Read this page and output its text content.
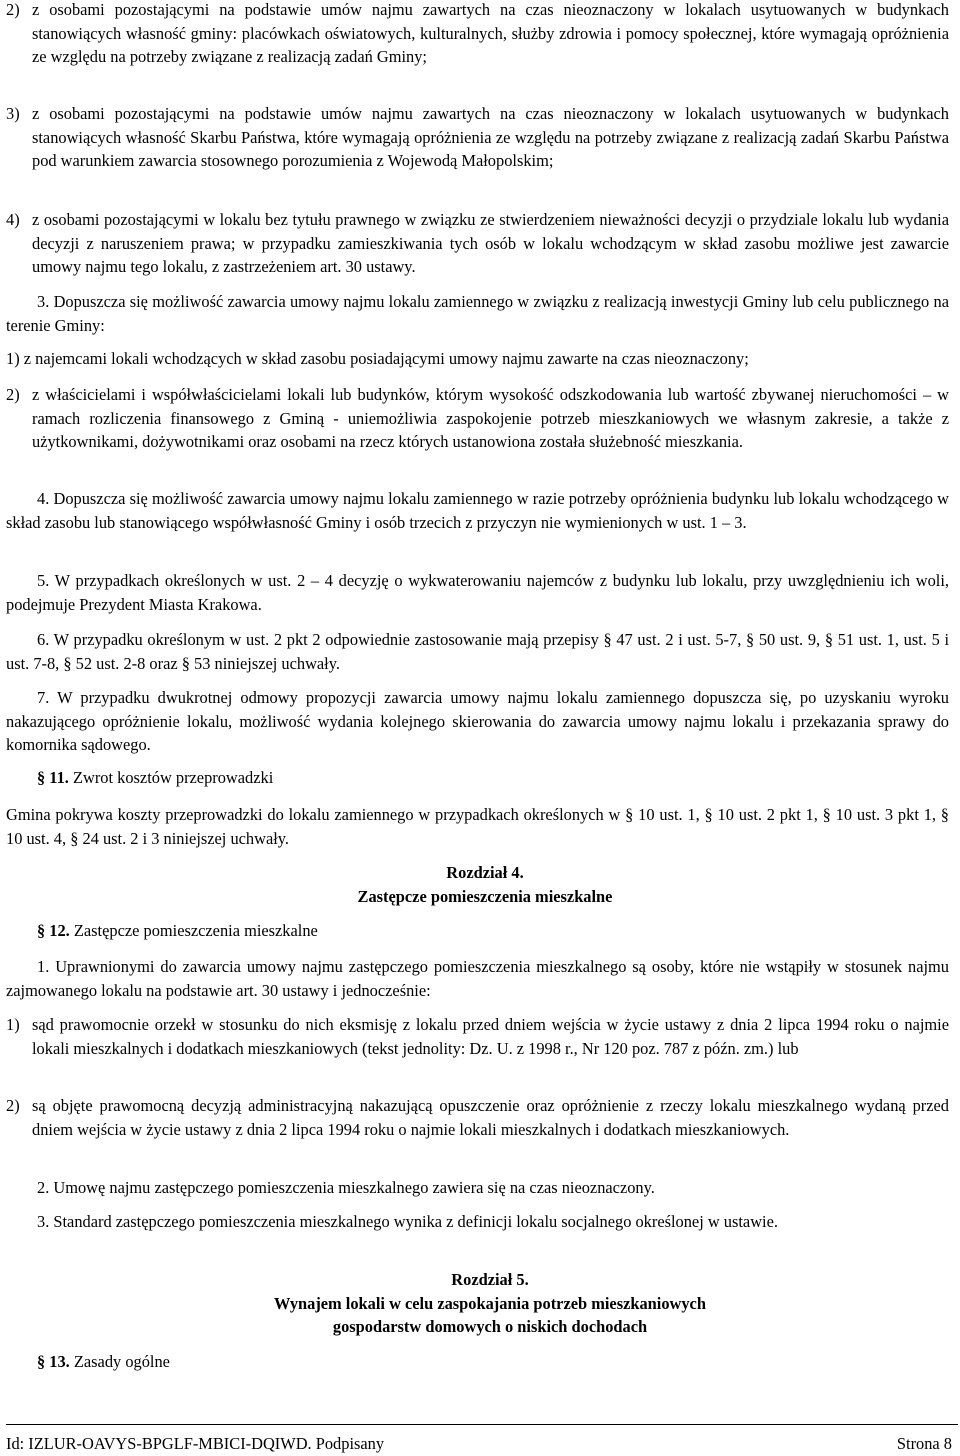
2) z osobami pozostającymi na podstawie umów najmu zawartych na czas nieoznaczony w lokalach usytuowanych w budynkach stanowiących własność gminy: placówkach oświatowych, kulturalnych, służby zdrowia i pomocy społecznej, które wymagają opróżnienia ze względu na potrzeby związane z realizacją zadań Gminy;
3) z osobami pozostającymi na podstawie umów najmu zawartych na czas nieoznaczony w lokalach usytuowanych w budynkach stanowiących własność Skarbu Państwa, które wymagają opróżnienia ze względu na potrzeby związane z realizacją zadań Skarbu Państwa pod warunkiem zawarcia stosownego porozumienia z Wojewodą Małopolskim;
4) z osobami pozostającymi w lokalu bez tytułu prawnego w związku ze stwierdzeniem nieważności decyzji o przydziale lokalu lub wydania decyzji z naruszeniem prawa; w przypadku zamieszkiwania tych osób w lokalu wchodzącym w skład zasobu możliwe jest zawarcie umowy najmu tego lokalu, z zastrzeżeniem art. 30 ustawy.
3. Dopuszcza się możliwość zawarcia umowy najmu lokalu zamiennego w związku z realizacją inwestycji Gminy lub celu publicznego na terenie Gminy:
1) z najemcami lokali wchodzących w skład zasobu posiadającymi umowy najmu zawarte na czas nieoznaczony;
2) z właścicielami i współwłaścicielami lokali lub budynków, którym wysokość odszkodowania lub wartość zbywanej nieruchomości – w ramach rozliczenia finansowego z Gminą - uniemożliwia zaspokojenie potrzeb mieszkaniowych we własnym zakresie, a także z użytkownikami, dożywotnikami oraz osobami na rzecz których ustanowiona została służebność mieszkania.
4. Dopuszcza się możliwość zawarcia umowy najmu lokalu zamiennego w razie potrzeby opróżnienia budynku lub lokalu wchodzącego w skład zasobu lub stanowiącego współwłasność Gminy i osób trzecich z przyczyn nie wymienionych w ust. 1 – 3.
5. W przypadkach określonych w ust. 2 – 4 decyzję o wykwaterowaniu najemców z budynku lub lokalu, przy uwzględnieniu ich woli, podejmuje Prezydent Miasta Krakowa.
6. W przypadku określonym w ust. 2 pkt 2 odpowiednie zastosowanie mają przepisy § 47 ust. 2 i ust. 5-7, § 50 ust. 9, § 51 ust. 1, ust. 5 i ust. 7-8, § 52 ust. 2-8 oraz § 53 niniejszej uchwały.
7. W przypadku dwukrotnej odmowy propozycji zawarcia umowy najmu lokalu zamiennego dopuszcza się, po uzyskaniu wyroku nakazującego opróżnienie lokalu, możliwość wydania kolejnego skierowania do zawarcia umowy najmu lokalu i przekazania sprawy do komornika sądowego.
§ 11. Zwrot kosztów przeprowadzki
Gmina pokrywa koszty przeprowadzki do lokalu zamiennego w przypadkach określonych w § 10 ust. 1, § 10 ust. 2 pkt 1, § 10 ust. 3 pkt 1, § 10 ust. 4, § 24 ust. 2 i 3 niniejszej uchwały.
Rozdział 4.
Zastępcze pomieszczenia mieszkalne
§ 12. Zastępcze pomieszczenia mieszkalne
1. Uprawnionymi do zawarcia umowy najmu zastępczego pomieszczenia mieszkalnego są osoby, które nie wstąpiły w stosunek najmu zajmowanego lokalu na podstawie art. 30 ustawy i jednocześnie:
1) sąd prawomocnie orzekł w stosunku do nich eksmisję z lokalu przed dniem wejścia w życie ustawy z dnia 2 lipca 1994 roku o najmie lokali mieszkalnych i dodatkach mieszkaniowych (tekst jednolity: Dz. U. z 1998 r., Nr 120 poz. 787 z późn. zm.) lub
2) są objęte prawomocną decyzją administracyjną nakazującą opuszczenie oraz opróżnienie z rzeczy lokalu mieszkalnego wydaną przed dniem wejścia w życie ustawy z dnia 2 lipca 1994 roku o najmie lokali mieszkalnych i dodatkach mieszkaniowych.
2. Umowę najmu zastępczego pomieszczenia mieszkalnego zawiera się na czas nieoznaczony.
3. Standard zastępczego pomieszczenia mieszkalnego wynika z definicji lokalu socjalnego określonej w ustawie.
Rozdział 5.
Wynajem lokali w celu zaspokajania potrzeb mieszkaniowych
gospodarstw domowych o niskich dochodach
§ 13. Zasady ogólne
Id: IZLUR-OAVYS-BPGLF-MBICI-DQIWD. Podpisany	Strona 8
